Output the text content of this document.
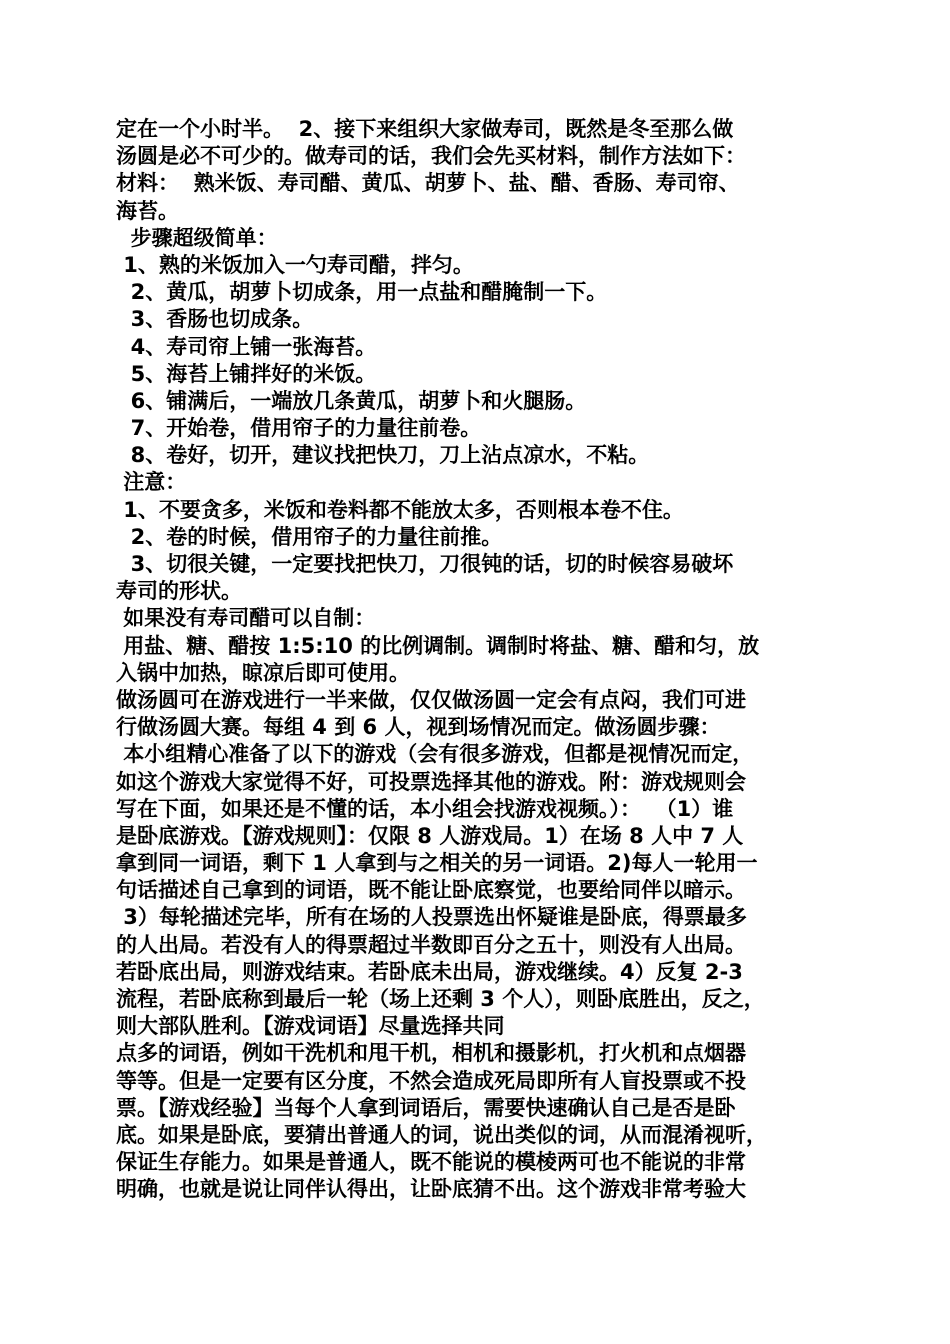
定在一个小时半。  2、接下来组织大家做寿司，既然是冬至那么做
汤圆是必不可少的。做寿司的话，我们会先买材料，制作方法如下：
材料：  熟米饭、寿司醋、黄瓜、胡萝卜、盐、醋、香肠、寿司帘、
海苔。
步骤超级简单：
1、熟的米饭加入一勺寿司醋，拌匀。
2、黄瓜，胡萝卜切成条，用一点盐和醋腌制一下。
3、香肠也切成条。
4、寿司帘上铺一张海苔。
5、海苔上铺拌好的米饭。
6、铺满后，一端放几条黄瓜，胡萝卜和火腿肠。
7、开始卷，借用帘子的力量往前卷。
8、卷好，切开，建议找把快刀，刀上沾点凉水，不粘。
注意：
1、不要贪多，米饭和卷料都不能放太多，否则根本卷不住。
2、卷的时候，借用帘子的力量往前推。
3、切很关键，一定要找把快刀，刀很钝的话，切的时候容易破坏
寿司的形状。
如果没有寿司醋可以自制：
用盐、糖、醋按 1:5:10 的比例调制。调制时将盐、糖、醋和匀，放
入锅中加热，晾凉后即可使用。
做汤圆可在游戏进行一半来做，仅仅做汤圆一定会有点闷，我们可进
行做汤圆大赛。每组 4 到 6 人，视到场情况而定。做汤圆步骤：
本小组精心准备了以下的游戏（会有很多游戏，但都是视情况而定，
如这个游戏大家觉得不好，可投票选择其他的游戏。附：游戏规则会
写在下面，如果还是不懂的话，本小组会找游戏视频。）：  （1）谁
是卧底游戏。【游戏规则】：仅限 8 人游戏局。1）在场 8 人中 7 人
拿到同一词语，剩下 1 人拿到与之相关的另一词语。2)每人一轮用一
句话描述自己拿到的词语，既不能让卧底察觉，也要给同伴以暗示。
3）每轮描述完毕，所有在场的人投票选出怀疑谁是卧底，得票最多
的人出局。若没有人的得票超过半数即百分之五十，则没有人出局。
若卧底出局，则游戏结束。若卧底未出局，游戏继续。4）反复 2-3
流程，若卧底称到最后一轮（场上还剩 3 个人），则卧底胜出，反之，
则大部队胜利。【游戏词语】尽量选择共同
点多的词语，例如干洗机和甩干机，相机和摄影机，打火机和点烟器
等等。但是一定要有区分度，不然会造成死局即所有人盲投票或不投
票。【游戏经验】当每个人拿到词语后，需要快速确认自己是否是卧
底。如果是卧底，要猜出普通人的词，说出类似的词，从而混淆视听，
保证生存能力。如果是普通人，既不能说的模棱两可也不能说的非常
明确，也就是说让同伴认得出，让卧底猜不出。这个游戏非常考验大
